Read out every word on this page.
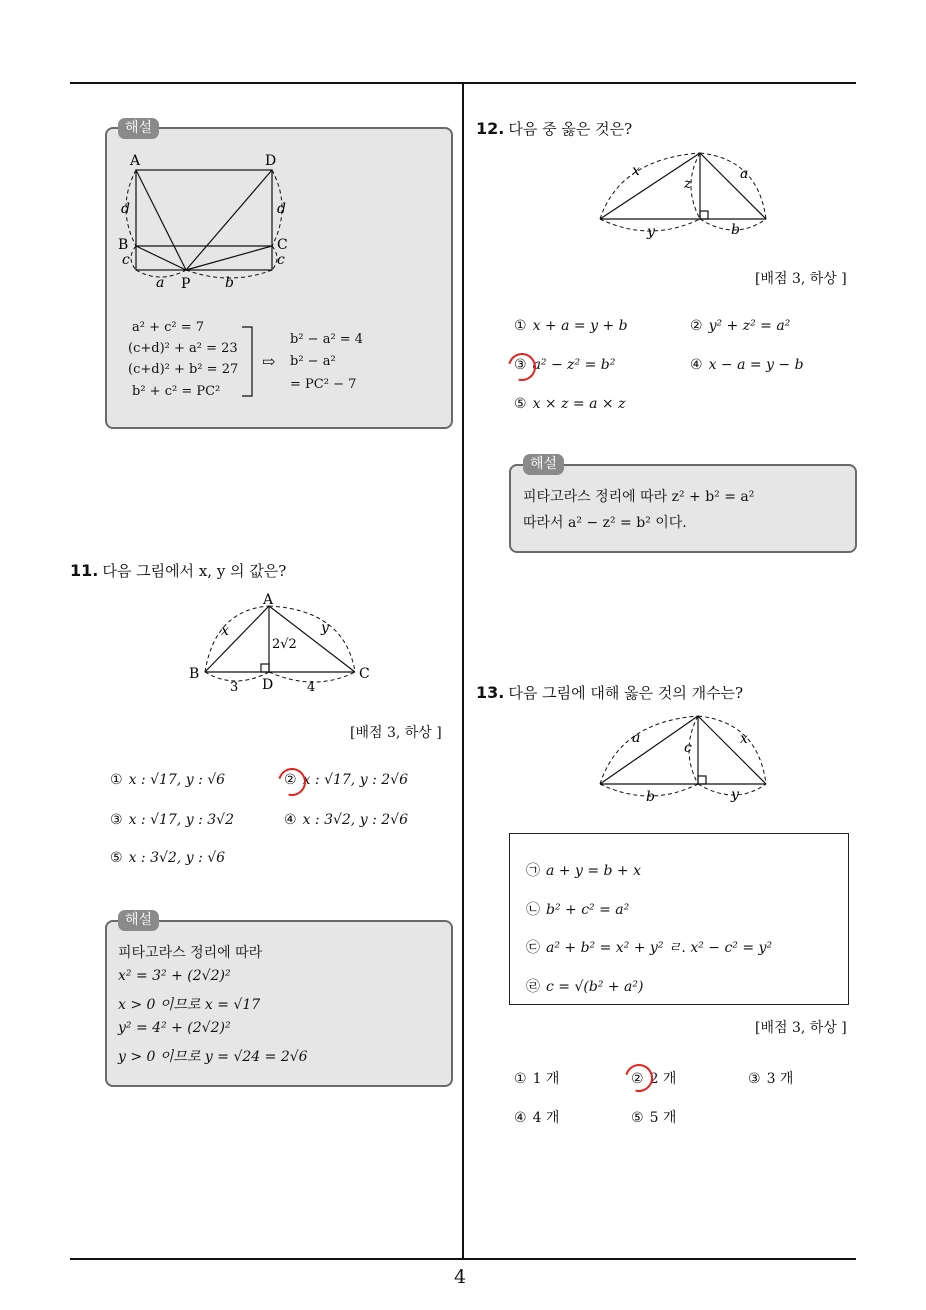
4
해설
A	D
B	C
P
d	d
c	c
a	b
a² + c² = 7
(c+d)² + a² = 23
(c+d)² + b² = 27
b² + c² = PC²
⇨
b² − a² = 4
b² − a²
= PC² − 7
11. 다음 그림에서 x, y 의 값은?
A
B	C
D
x	y
2√2
3	4
[배점 3, 하상 ]
① x : √17, y : √6	② x : √17, y : 2√6
③ x : √17, y : 3√2	④ x : 3√2, y : 2√6
⑤ x : 3√2, y : √6
해설
피타고라스 정리에 따라
x² = 3² + (2√2)²
x > 0 이므로 x = √17
y² = 4² + (2√2)²
y > 0 이므로 y = √24 = 2√6
12. 다음 중 옳은 것은?
x
z
a
y	b
[배점 3, 하상 ]
① x + a = y + b	② y² + z² = a²
③ a² − z² = b²	④ x − a = y − b
⑤ x × z = a × z
해설
피타고라스 정리에 따라 z² + b² = a²
따라서 a² − z² = b² 이다.
13. 다음 그림에 대해 옳은 것의 개수는?
a
c
x
b	y
㉠ a + y = b + x
㉡ b² + c² = a²
㉢ a² + b² = x² + y² ㄹ. x² − c² = y²
㉣ c = √(b² + a²)
[배점 3, 하상 ]
① 1 개	② 2 개	③ 3 개
④ 4 개	⑤ 5 개
